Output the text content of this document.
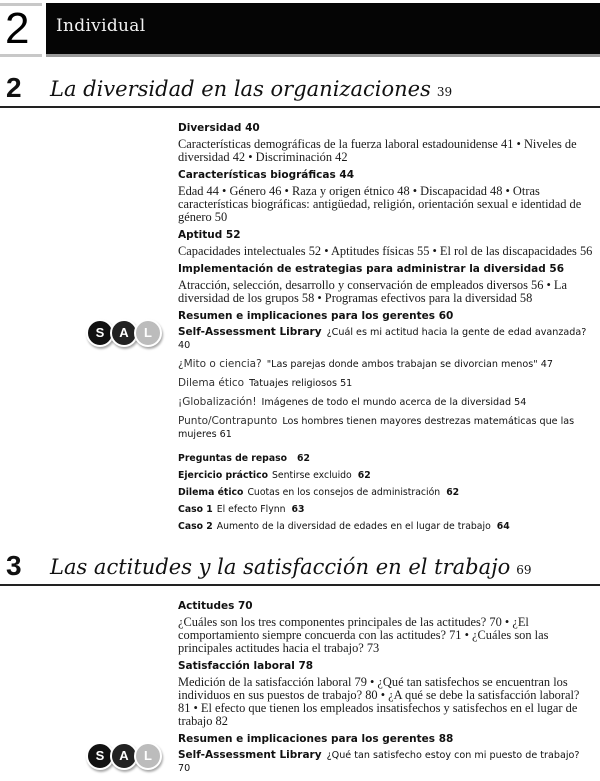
2	Individual
2 La diversidad en las organizaciones 39
Diversidad 40
Características demográficas de la fuerza laboral estadounidense 41 • Niveles de diversidad 42 • Discriminación 42
Características biográficas 44
Edad 44 • Género 46 • Raza y origen étnico 48 • Discapacidad 48 • Otras características biográficas: antigüedad, religión, orientación sexual e identidad de género 50
Aptitud 52
Capacidades intelectuales 52 • Aptitudes físicas 55 • El rol de las discapacidades 56
Implementación de estrategias para administrar la diversidad 56
Atracción, selección, desarrollo y conservación de empleados diversos 56 • La diversidad de los grupos 58 • Programas efectivos para la diversidad 58
Resumen e implicaciones para los gerentes 60
S	A	L	Self-Assessment Library ¿Cuál es mi actitud hacia la gente de edad avanzada? 40
¿Mito o ciencia? "Las parejas donde ambos trabajan se divorcian menos" 47
Dilema ético Tatuajes religiosos 51
¡Globalización! Imágenes de todo el mundo acerca de la diversidad 54
Punto/Contrapunto Los hombres tienen mayores destrezas matemáticas que las mujeres 61
Preguntas de repaso 62
Ejercicio práctico Sentirse excluido 62
Dilema ético Cuotas en los consejos de administración 62
Caso 1 El efecto Flynn 63
Caso 2 Aumento de la diversidad de edades en el lugar de trabajo 64
3 Las actitudes y la satisfacción en el trabajo 69
Actitudes 70
¿Cuáles son los tres componentes principales de las actitudes? 70 • ¿El comportamiento siempre concuerda con las actitudes? 71 • ¿Cuáles son las principales actitudes hacia el trabajo? 73
Satisfacción laboral 78
Medición de la satisfacción laboral 79 • ¿Qué tan satisfechos se encuentran los individuos en sus puestos de trabajo? 80 • ¿A qué se debe la satisfacción laboral? 81 • El efecto que tienen los empleados insatisfechos y satisfechos en el lugar de trabajo 82
Resumen e implicaciones para los gerentes 88
S	A	L	Self-Assessment Library ¿Qué tan satisfecho estoy con mi puesto de trabajo? 70
